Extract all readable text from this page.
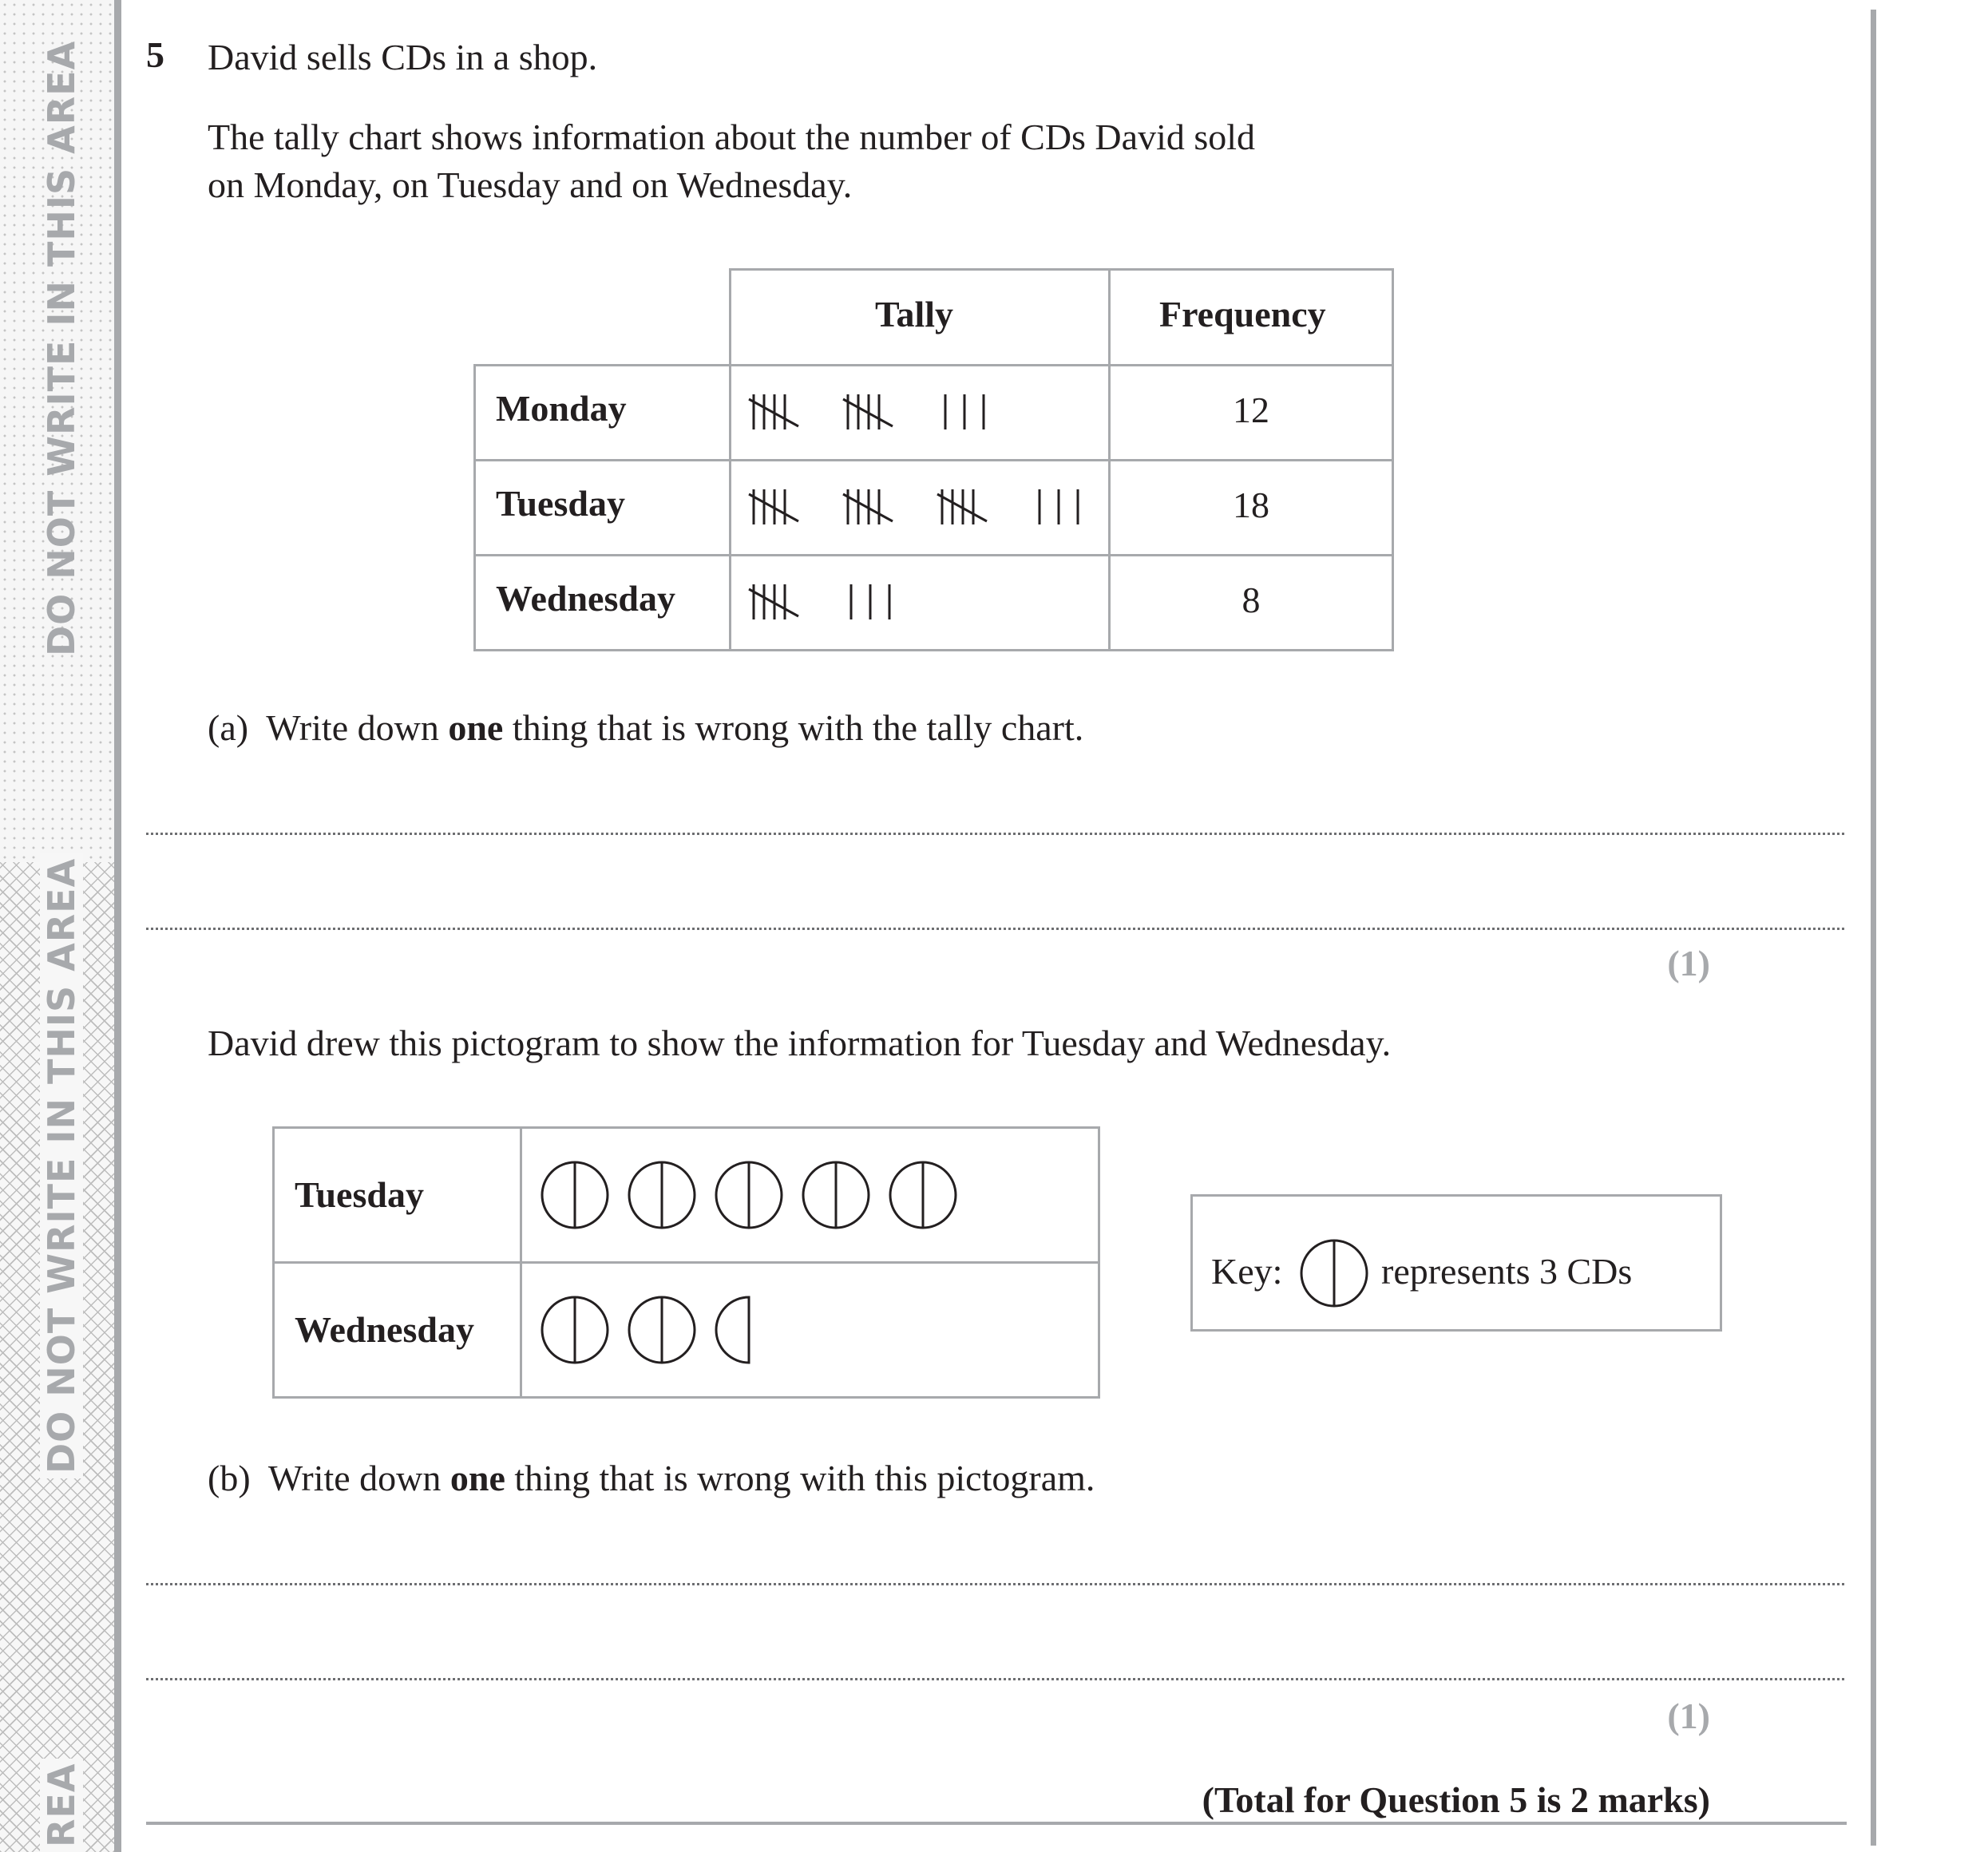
DO NOT WRITE IN THIS AREA
DO NOT WRITE IN THIS AREA
REA
5 David sells CDs in a shop.
The tally chart shows information about the number of CDs David sold
on Monday, on Tuesday and on Wednesday.
Tally	Frequency
Monday
Tuesday
Wednesday
12
18
8
(a) Write down one thing that is wrong with the tally chart.
(1)
David drew this pictogram to show the information for Tuesday and Wednesday.
Tuesday
Wednesday
Key:	represents 3 CDs
(b) Write down one thing that is wrong with this pictogram.
(1)
(Total for Question 5 is 2 marks)
